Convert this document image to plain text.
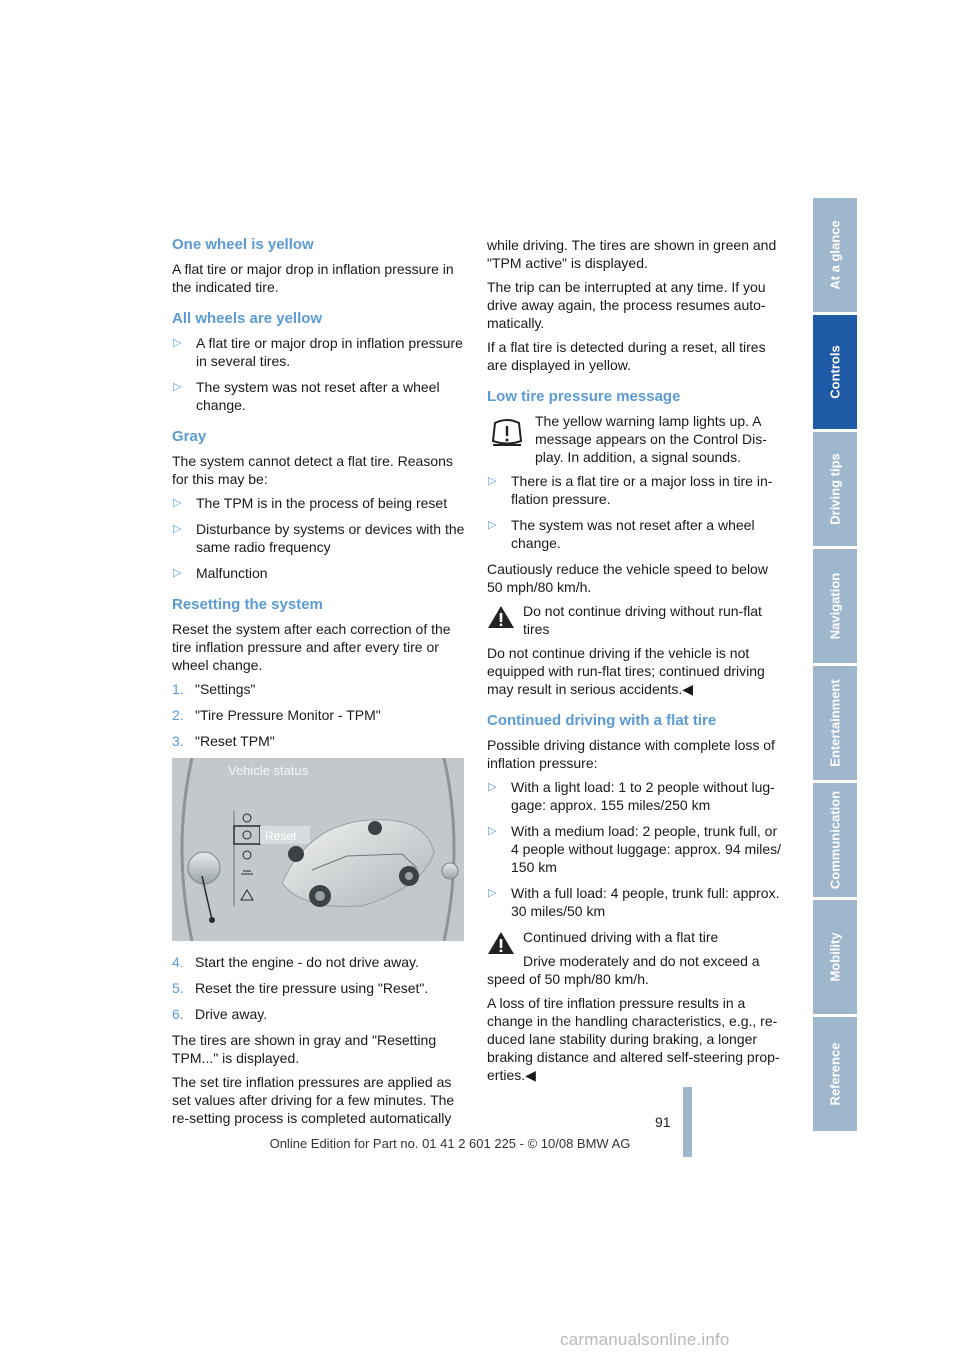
One wheel is yellow

A flat tire or major drop in inflation pressure in the indicated tire.

All wheels are yellow
▷ A flat tire or major drop in inflation pressure in several tires.
▷ The system was not reset after a wheel change.
Gray

The system cannot detect a flat tire. Reasons for this may be:

▷ The TPM is in the process of being reset
▷ Disturbance by systems or devices with the same radio frequency
▷ Malfunction
Resetting the system

Reset the system after each correction of the tire inflation pressure and after every tire or wheel change.

1. "Settings"
2. "Tire Pressure Monitor - TPM"
3. "Reset TPM"
Vehicle status
Reset
4. Start the engine - do not drive away.
5. Reset the tire pressure using "Reset".
6. Drive away.

The tires are shown in gray and "Resetting TPM..." is displayed.

The set tire inflation pressures are applied as set values after driving for a few minutes. The re-setting process is completed automatically

while driving. The tires are shown in green and "TPM active" is displayed.

The trip can be interrupted at any time. If you drive away again, the process resumes auto-matically.

If a flat tire is detected during a reset, all tires are displayed in yellow.

Low tire pressure message
The yellow warning lamp lights up. A message appears on the Control Dis-play. In addition, a signal sounds.
▷ There is a flat tire or a major loss in tire in-flation pressure.
▷ The system was not reset after a wheel change.

Cautiously reduce the vehicle speed to below 50 mph/80 km/h.

Do not continue driving without run-flat tires

Do not continue driving if the vehicle is not equipped with run-flat tires; continued driving may result in serious accidents.◀

Continued driving with a flat tire

Possible driving distance with complete loss of inflation pressure:

▷ With a light load: 1 to 2 people without lug-gage: approx. 155 miles/250 km
▷ With a medium load: 2 people, trunk full, or 4 people without luggage: approx. 94 miles/ 150 km
▷ With a full load: 4 people, trunk full: approx. 30 miles/50 km
Continued driving with a flat tire

Drive moderately and do not exceed a speed of 50 mph/80 km/h.

A loss of tire inflation pressure results in a change in the handling characteristics, e.g., re-duced lane stability during braking, a longer braking distance and altered self-steering prop-erties.◀

At a glance
Controls
Driving tips
Navigation
Entertainment
Communication
Mobility
Reference
91
Online Edition for Part no. 01 41 2 601 225 - © 10/08 BMW AG
carmanualsonline.info
